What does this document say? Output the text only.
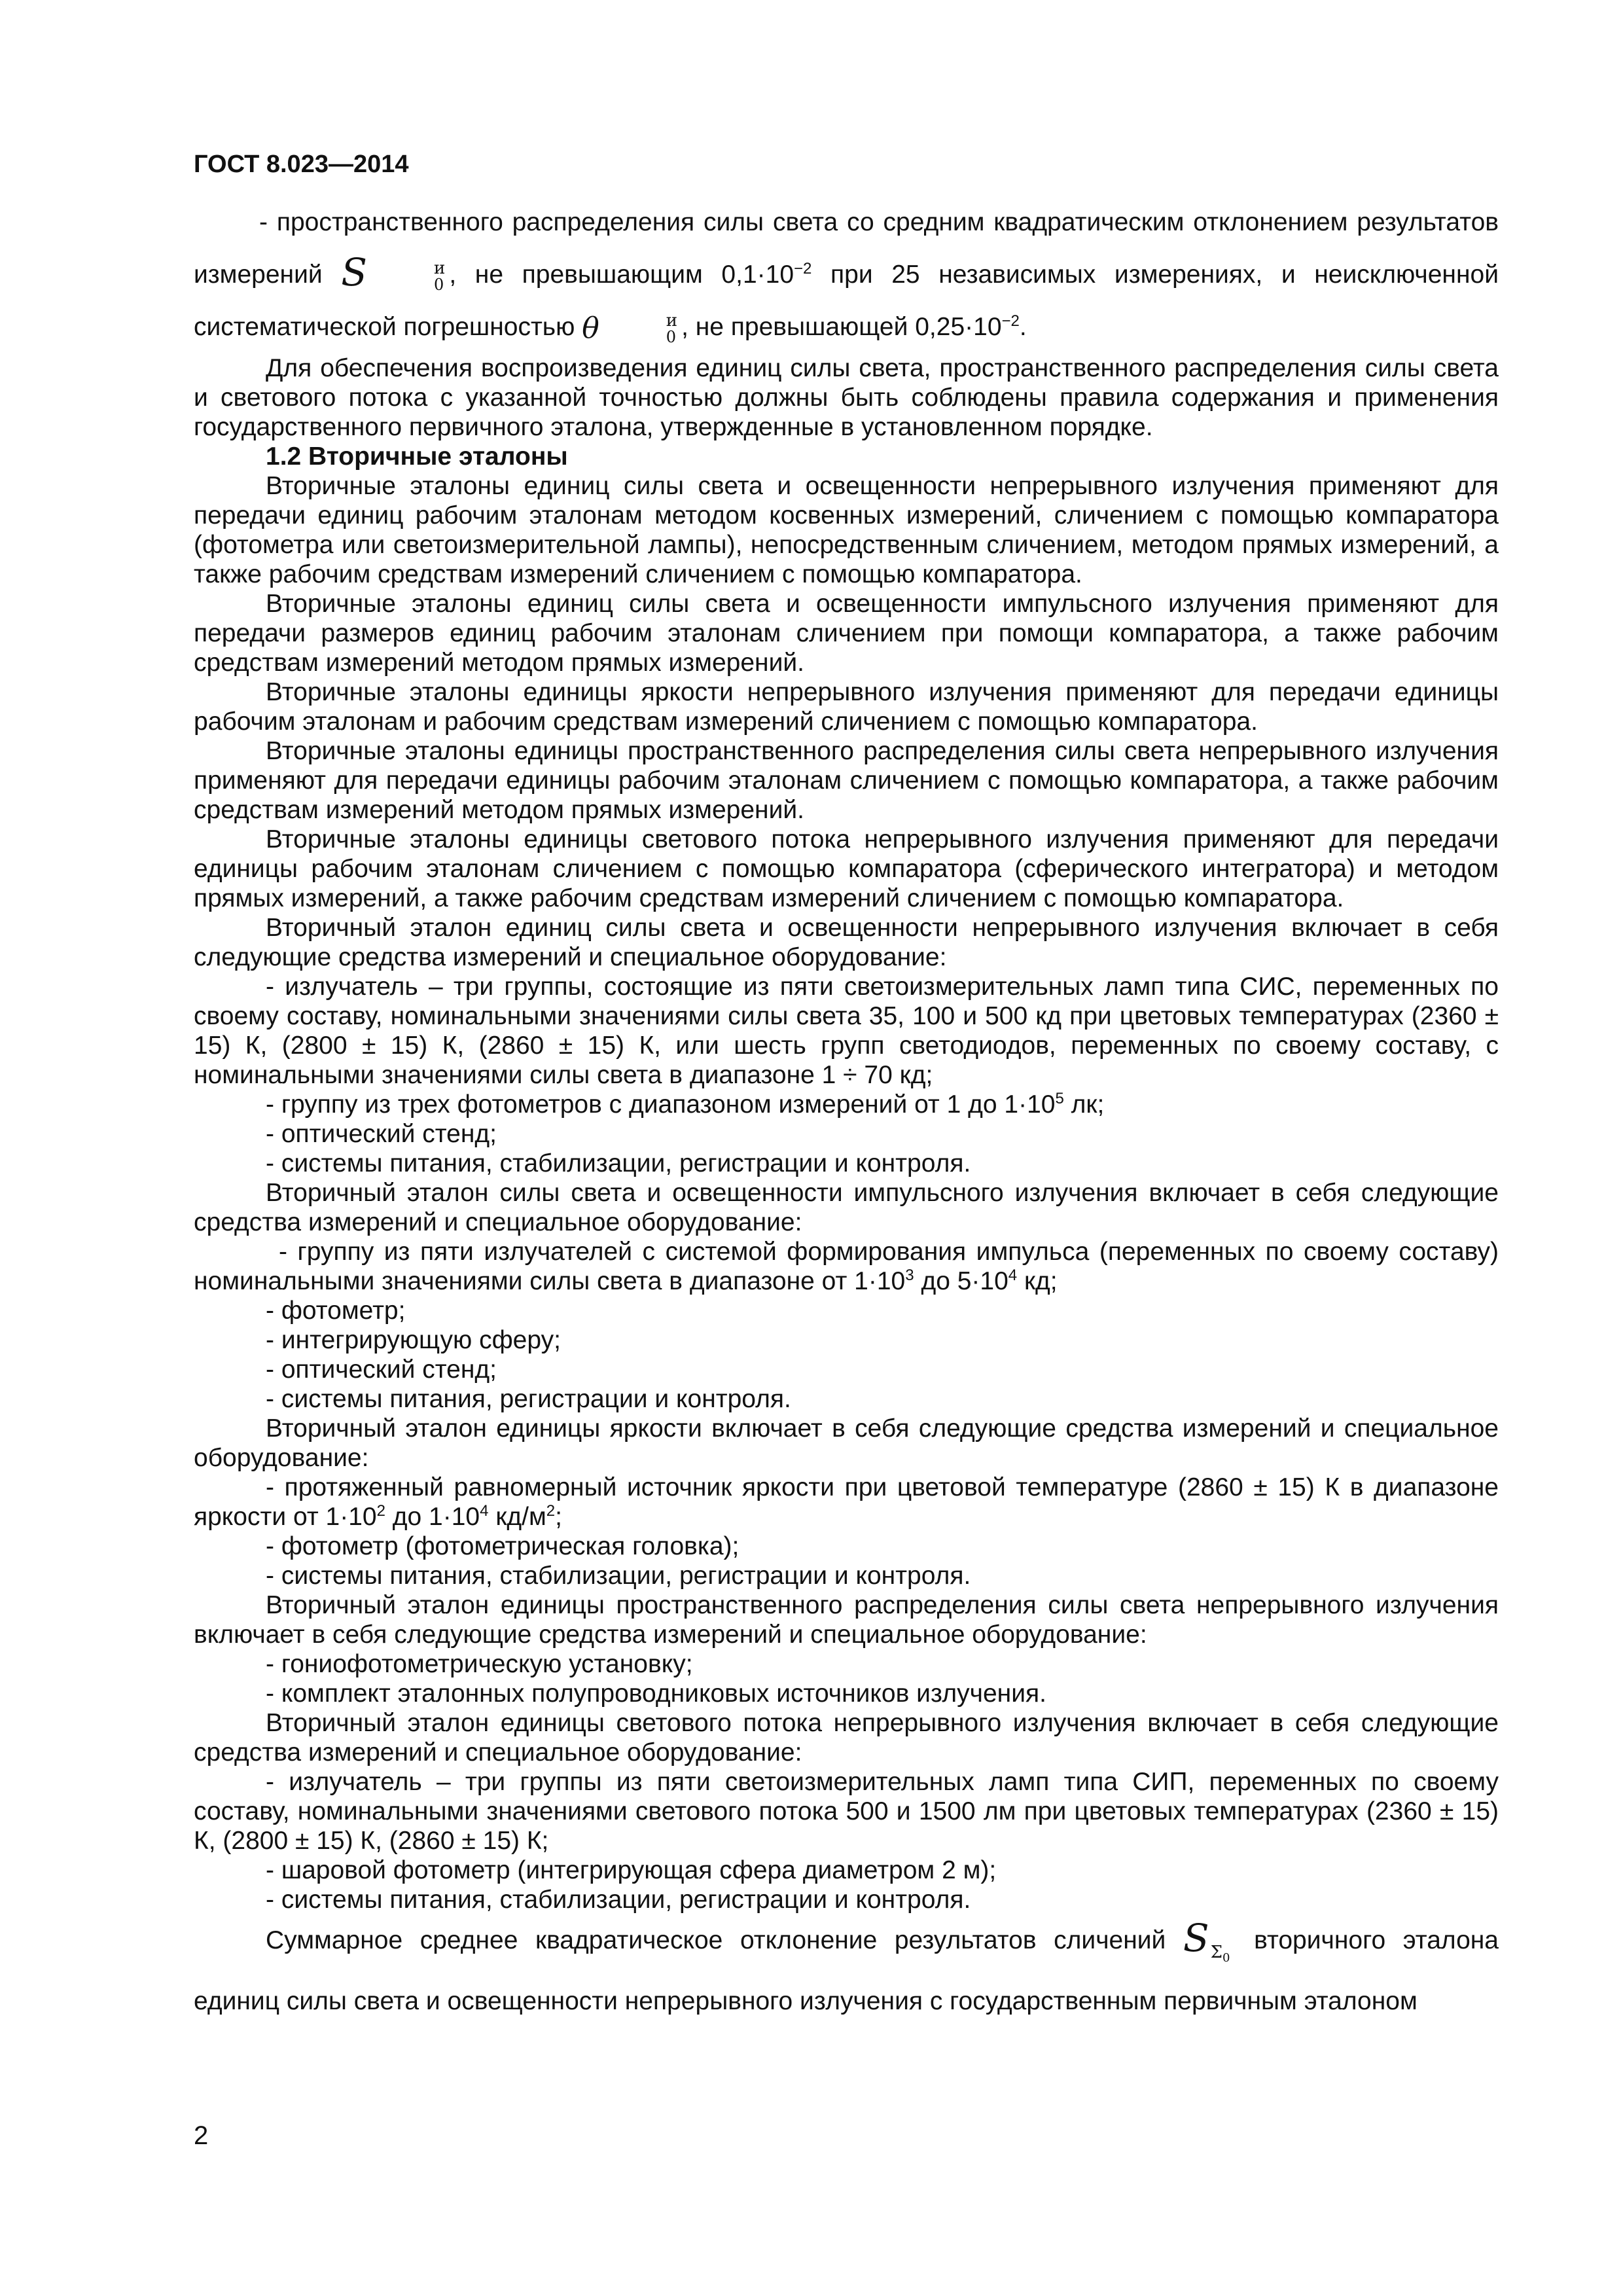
ГОСТ 8.023—2014

- пространственного распределения силы света со средним квадратическим отклонением результатов измерений S	и
0 , не превышающим $0,1\cdot 10^{-2}$ при 25 независимых измерениях, и неисключенной систематической погрешностью θ	и
0 , не превышающей $0,25\cdot 10^{-2}$.

Для обеспечения воспроизведения единиц силы света, пространственного распределения силы света и светового потока с указанной точностью должны быть соблюдены правила содержания и применения государственного первичного эталона, утвержденные в установленном порядке.

1.2 Вторичные эталоны

Вторичные эталоны единиц силы света и освещенности непрерывного излучения применяют для передачи единиц рабочим эталонам методом косвенных измерений, сличением с помощью компаратора (фотометра или светоизмерительной лампы), непосредственным сличением, методом прямых измерений, а также рабочим средствам измерений сличением с помощью компаратора.

Вторичные эталоны единиц силы света и освещенности импульсного излучения применяют для передачи размеров единиц рабочим эталонам сличением при помощи компаратора, а также рабочим средствам измерений методом прямых измерений.

Вторичные эталоны единицы яркости непрерывного излучения применяют для передачи единицы рабочим эталонам и рабочим средствам измерений сличением с помощью компаратора.

Вторичные эталоны единицы пространственного распределения силы света непрерывного излучения применяют для передачи единицы рабочим эталонам сличением с помощью компаратора, а также рабочим средствам измерений методом прямых измерений.

Вторичные эталоны единицы светового потока непрерывного излучения применяют для передачи единицы рабочим эталонам сличением с помощью компаратора (сферического интегратора) и методом прямых измерений, а также рабочим средствам измерений сличением с помощью компаратора.

Вторичный эталон единиц силы света и освещенности непрерывного излучения включает в себя следующие средства измерений и специальное оборудование:

- излучатель – три группы, состоящие из пяти светоизмерительных ламп типа СИС, переменных по своему составу, номинальными значениями силы света 35, 100 и 500 кд при цветовых температурах (2360 ± 15) К, (2800 ± 15) К, (2860 ± 15) К, или шесть групп светодиодов, переменных по своему составу, с номинальными значениями силы света в диапазоне 1 ÷ 70 кд;

- группу из трех фотометров с диапазоном измерений от 1 до $1\cdot 10^5$ лк;

- оптический стенд;

- системы питания, стабилизации, регистрации и контроля.

Вторичный эталон силы света и освещенности импульсного излучения включает в себя следующие средства измерений и специальное оборудование:

- группу из пяти излучателей с системой формирования импульса (переменных по своему составу) номинальными значениями силы света в диапазоне от $1\cdot 10^3$ до $5\cdot 10^4$ кд;

- фотометр;

- интегрирующую сферу;

- оптический стенд;

- системы питания, регистрации и контроля.

Вторичный эталон единицы яркости включает в себя следующие средства измерений и специальное оборудование:

- протяженный равномерный источник яркости при цветовой температуре (2860 ± 15) К в диапазоне яркости от $1\cdot 10^2$ до $1\cdot 10^4$ $кд/м^2$;

- фотометр (фотометрическая головка);

- системы питания, стабилизации, регистрации и контроля.

Вторичный эталон единицы пространственного распределения силы света непрерывного излучения включает в себя следующие средства измерений и специальное оборудование:

- гониофотометрическую установку;

- комплект эталонных полупроводниковых источников излучения.

Вторичный эталон единицы светового потока непрерывного излучения включает в себя следующие средства измерений и специальное оборудование:

- излучатель – три группы из пяти светоизмерительных ламп типа СИП, переменных по своему составу, номинальными значениями светового потока 500 и 1500 лм при цветовых температурах (2360 ± 15) К, (2800 ± 15) К, (2860 ± 15) К;

- шаровой фотометр (интегрирующая сфера диаметром 2 м);

- системы питания, стабилизации, регистрации и контроля.

Суммарное среднее квадратическое отклонение результатов сличений $S_{\Sigma_0}$ вторичного эталона единиц силы света и освещенности непрерывного излучения с государственным первичным эталоном

2
